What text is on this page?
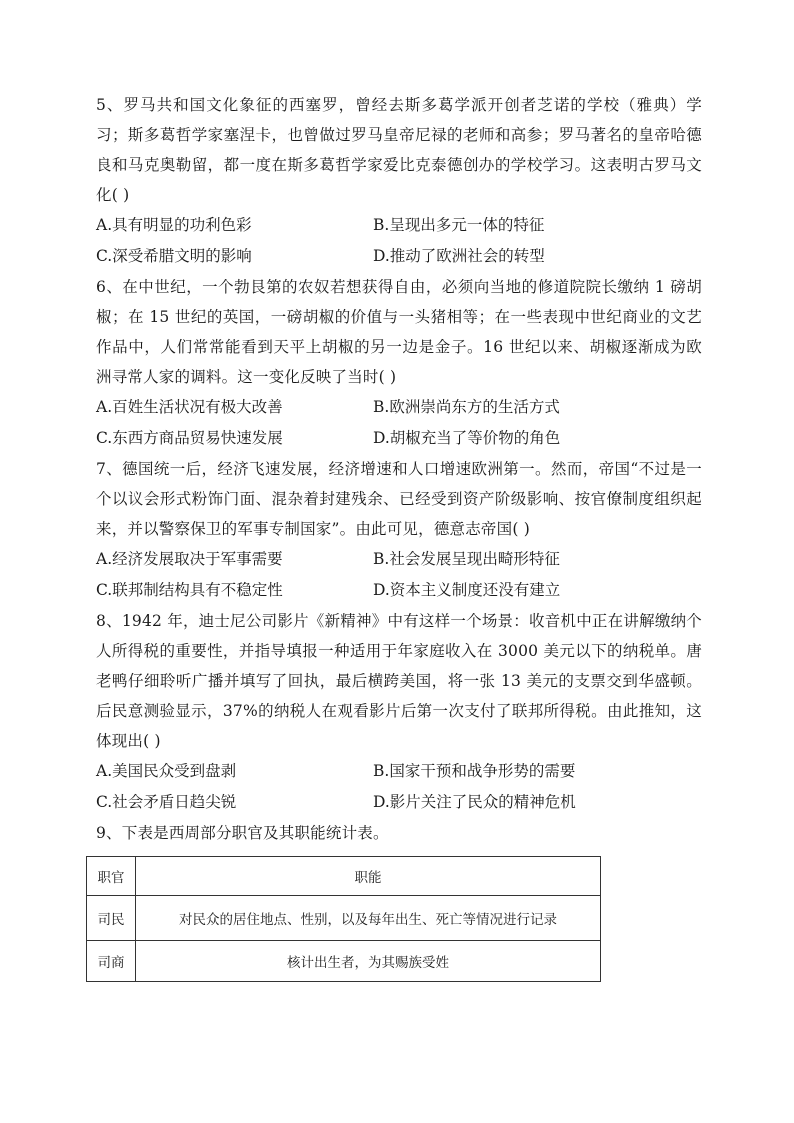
5、罗马共和国文化象征的西塞罗，曾经去斯多葛学派开创者芝诺的学校（雅典）学习；斯多葛哲学家塞涅卡，也曾做过罗马皇帝尼禄的老师和高参；罗马著名的皇帝哈德良和马克奥勒留，都一度在斯多葛哲学家爱比克泰德创办的学校学习。这表明古罗马文化( )

A.具有明显的功利色彩	B.呈现出多元一体的特征
C.深受希腊文明的影响	D.推动了欧洲社会的转型

6、在中世纪，一个勃艮第的农奴若想获得自由，必须向当地的修道院院长缴纳 1 磅胡椒；在 15 世纪的英国，一磅胡椒的价值与一头猪相等；在一些表现中世纪商业的文艺作品中，人们常常能看到天平上胡椒的另一边是金子。16 世纪以来、胡椒逐渐成为欧洲寻常人家的调料。这一变化反映了当时( )

A.百姓生活状况有极大改善	B.欧洲崇尚东方的生活方式
C.东西方商品贸易快速发展	D.胡椒充当了等价物的角色

7、德国统一后，经济飞速发展，经济增速和人口增速欧洲第一。然而，帝国“不过是一个以议会形式粉饰门面、混杂着封建残余、已经受到资产阶级影响、按官僚制度组织起来，并以警察保卫的军事专制国家”。由此可见，德意志帝国( )

A.经济发展取决于军事需要	B.社会发展呈现出畸形特征
C.联邦制结构具有不稳定性	D.资本主义制度还没有建立

8、1942 年，迪士尼公司影片《新精神》中有这样一个场景：收音机中正在讲解缴纳个人所得税的重要性，并指导填报一种适用于年家庭收入在 3000 美元以下的纳税单。唐老鸭仔细聆听广播并填写了回执，最后横跨美国，将一张 13 美元的支票交到华盛顿。后民意测验显示，37%的纳税人在观看影片后第一次支付了联邦所得税。由此推知，这体现出( )

A.美国民众受到盘剥	B.国家干预和战争形势的需要
C.社会矛盾日趋尖锐	D.影片关注了民众的精神危机

9、下表是西周部分职官及其职能统计表。

职官	职能
司民	对民众的居住地点、性别，以及每年出生、死亡等情况进行记录
司商	核计出生者，为其赐族受姓
